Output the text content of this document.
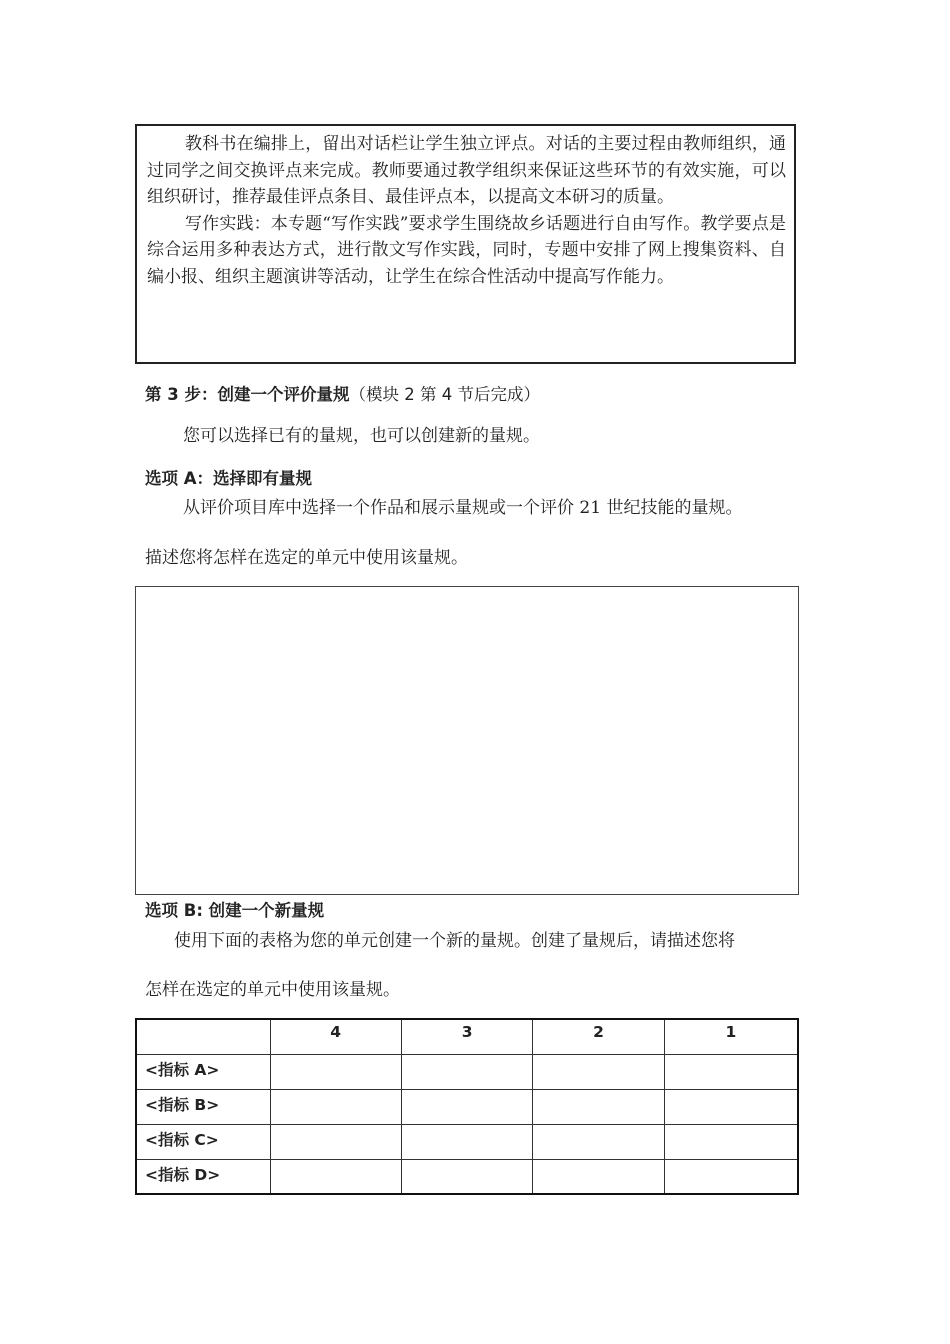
教科书在编排上，留出对话栏让学生独立评点。对话的主要过程由教师组织，通过同学之间交换评点来完成。教师要通过教学组织来保证这些环节的有效实施，可以组织研讨，推荐最佳评点条目、最佳评点本，以提高文本研习的质量。

写作实践：本专题“写作实践”要求学生围绕故乡话题进行自由写作。教学要点是综合运用多种表达方式，进行散文写作实践，同时，专题中安排了网上搜集资料、自编小报、组织主题演讲等活动，让学生在综合性活动中提高写作能力。

第 3 步：创建一个评价量规（模块 2 第 4 节后完成）
您可以选择已有的量规，也可以创建新的量规。
选项 A：选择即有量规
从评价项目库中选择一个作品和展示量规或一个评价 21 世纪技能的量规。
描述您将怎样在选定的单元中使用该量规。
选项 B: 创建一个新量规
使用下面的表格为您的单元创建一个新的量规。创建了量规后，请描述您将
怎样在选定的单元中使用该量规。
	4	3	2	1
<指标 A>				
<指标 B>				
<指标 C>				
<指标 D>				
